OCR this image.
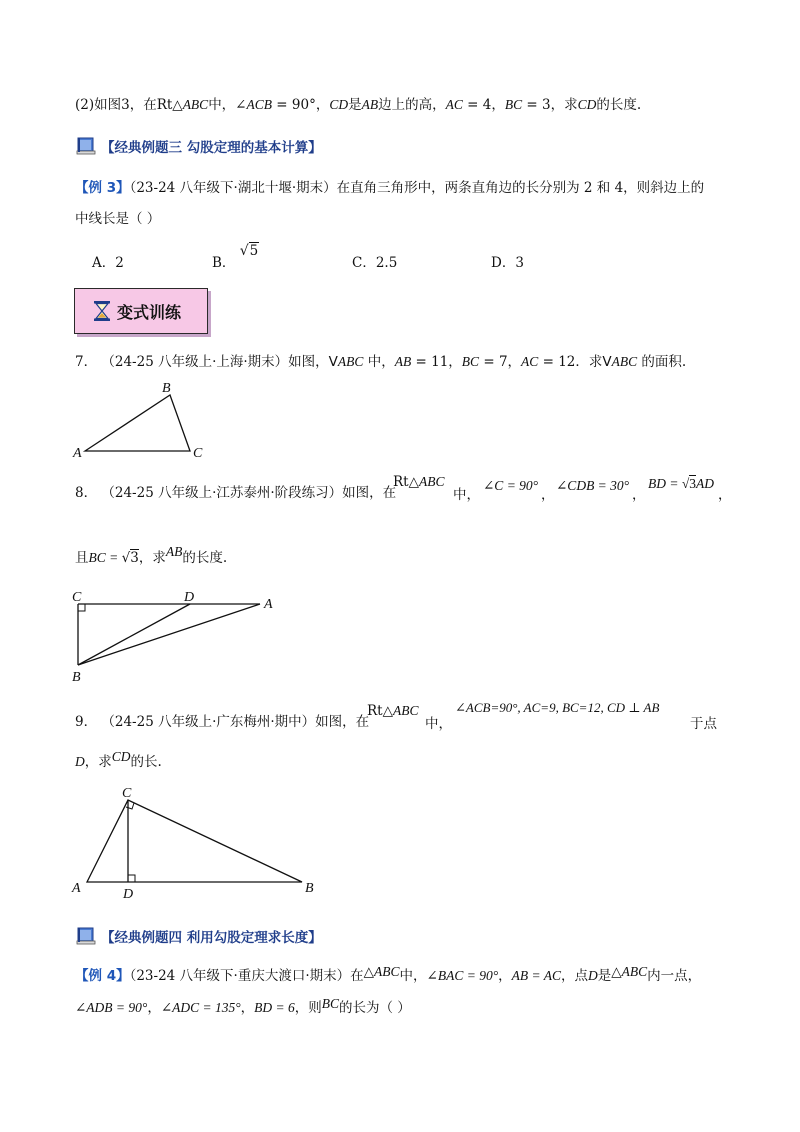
(2)如图3，在Rt△ABC中，∠ACB = 90°，CD是AB边上的高，AC = 4，BC = 3，求CD的长度.
【经典例题三 勾股定理的基本计算】
【例 3】（23-24 八年级下·湖北十堰·期末）在直角三角形中，两条直角边的长分别为 2 和 4，则斜边上的
中线长是（ ）
A．2	B． √5
C．2.5	D．3
变式训练
7． （24-25 八年级上·上海·期末）如图，VABC 中，AB = 11，BC = 7，AC = 12．求VABC 的面积.
A
B
C
8． （24-25 八年级上·江苏泰州·阶段练习）如图，在
Rt△ABC
中，
∠C = 90°
，
∠CDB = 30°
，
BD = √3AD
，
且BC = √3，求AB的长度.
C	D	A
B
9． （24-25 八年级上·广东梅州·期中）如图，在
Rt△ABC
中，
∠ACB=90°, AC=9, BC=12, CD ⊥ AB
于点
D，求CD的长.
C
A	D	B
【经典例题四 利用勾股定理求长度】
【例 4】（23-24 八年级下·重庆大渡口·期末）在△ABC中，∠BAC = 90°，AB = AC，点D是△ABC内一点，
∠ADB = 90°，∠ADC = 135°，BD = 6，则BC的长为（ ）
